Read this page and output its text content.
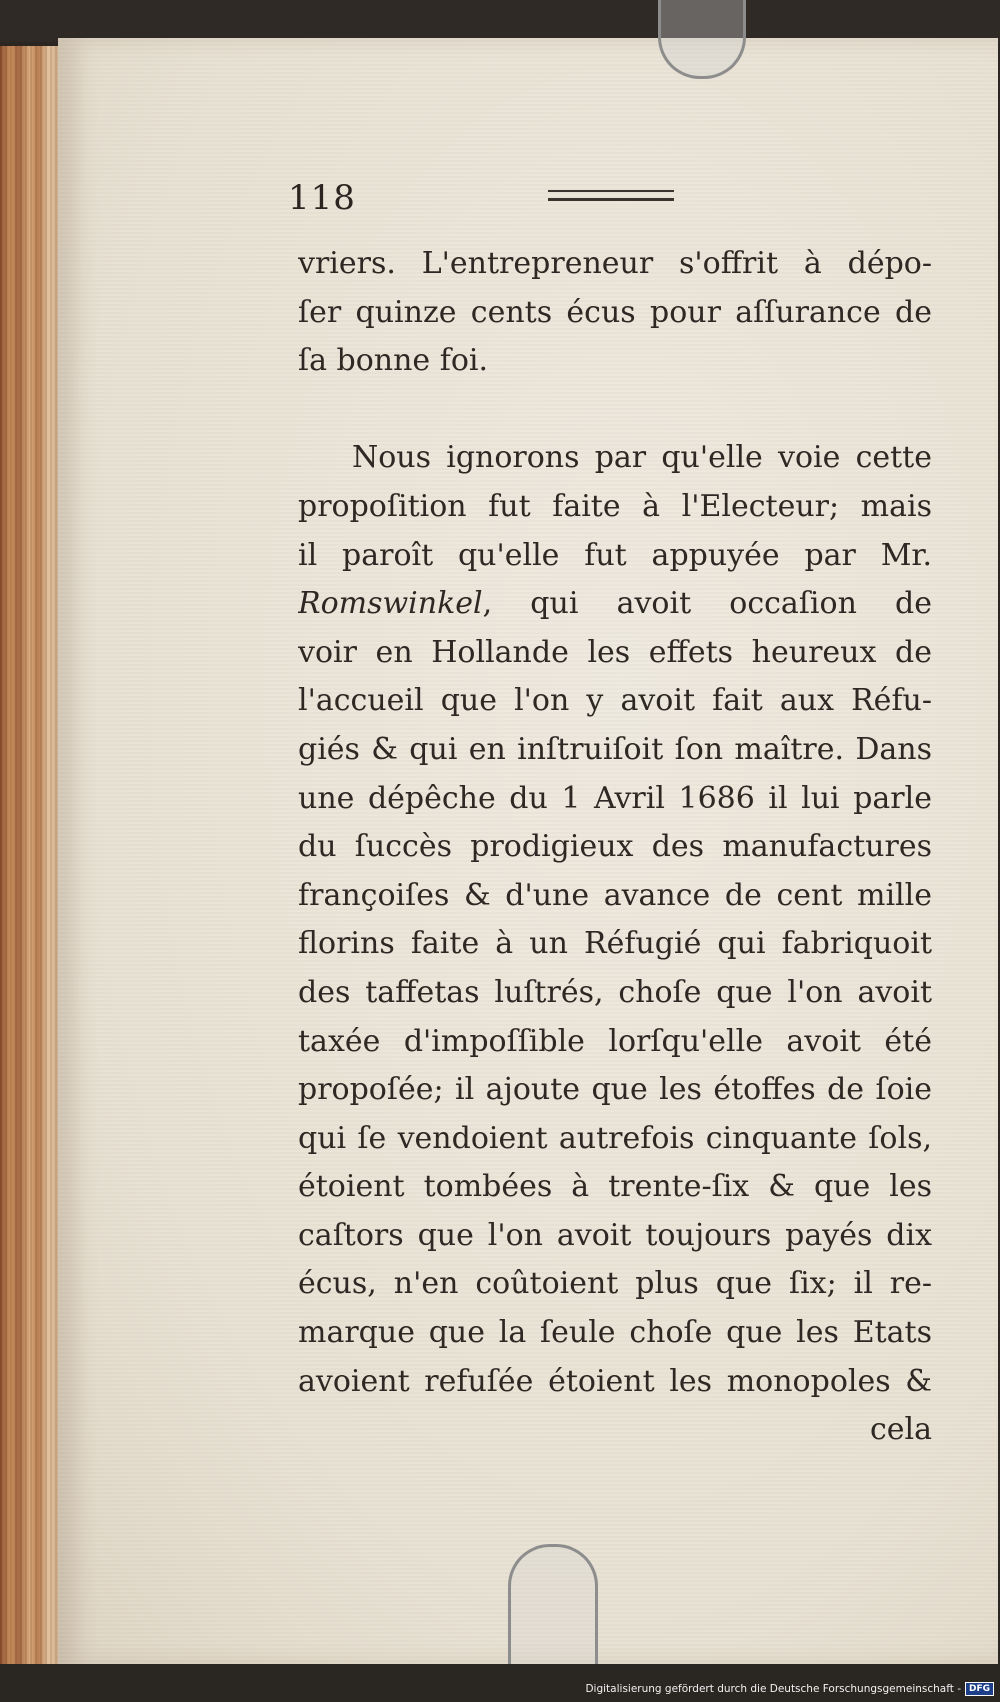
118
vriers. L'entrepreneur s'offrit à dépo-
ſer quinze cents écus pour aſſurance de
ſa bonne foi.
Nous ignorons par qu'elle voie cette
propoſition fut faite à l'Electeur; mais
il paroît qu'elle fut appuyée par Mr.
Romswinkel, qui avoit occaſion de
voir en Hollande les effets heureux de
l'accueil que l'on y avoit fait aux Réfu-
giés & qui en inſtruiſoit ſon maître. Dans
une dépêche du 1 Avril 1686 il lui parle
du ſuccès prodigieux des manufactures
françoiſes & d'une avance de cent mille
florins faite à un Réfugié qui fabriquoit
des taffetas luſtrés, choſe que l'on avoit
taxée d'impoſſible lorſqu'elle avoit été
propoſée; il ajoute que les étoffes de ſoie
qui ſe vendoient autrefois cinquante ſols,
étoient tombées à trente-ſix & que les
caſtors que l'on avoit toujours payés dix
écus, n'en coûtoient plus que ſix; il re-
marque que la ſeule choſe que les Etats
avoient refuſée étoient les monopoles &
cela
Digitalisierung gefördert durch die Deutsche Forschungsgemeinschaft - DFG
